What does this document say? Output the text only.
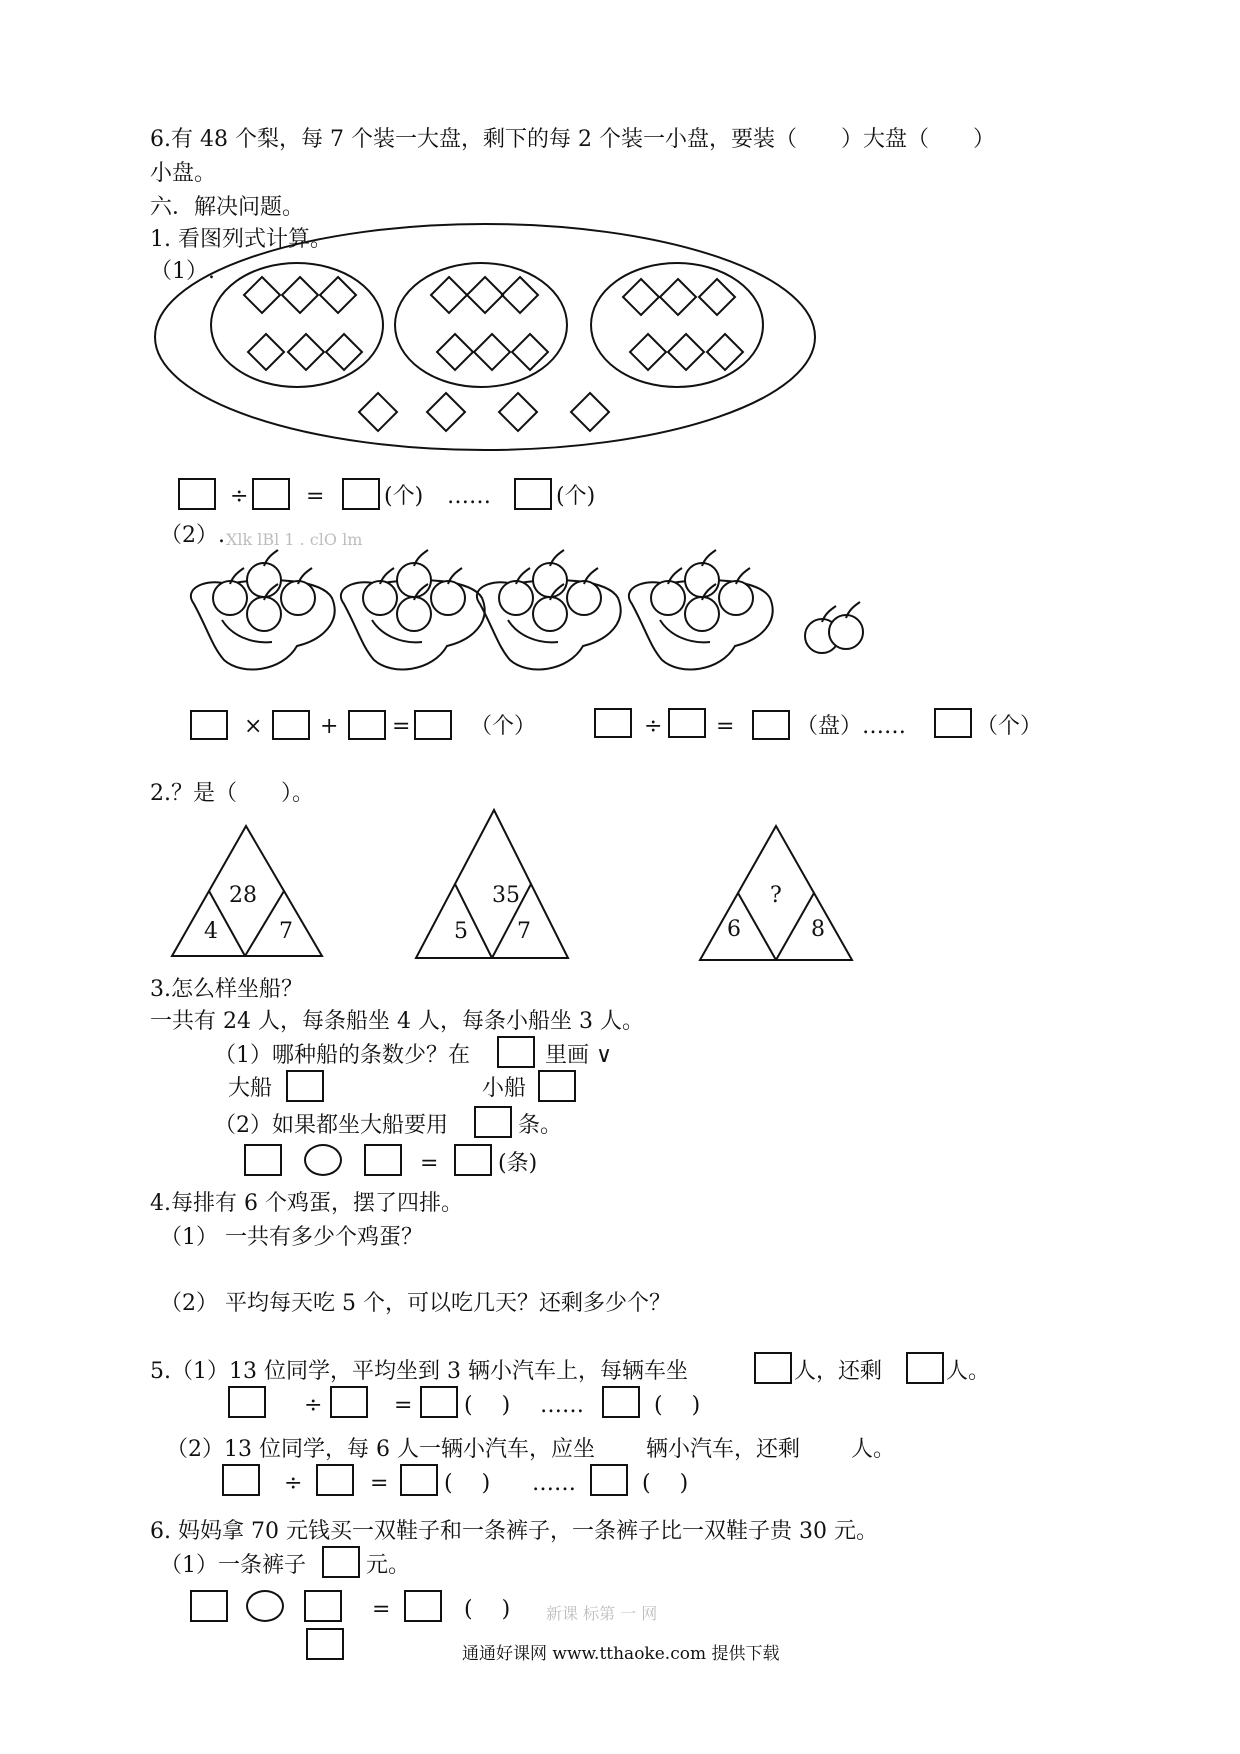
6.有 48 个梨，每 7 个装一大盘，剩下的每 2 个装一小盘，要装（　　）大盘（　　）
小盘。
六．解决问题。
1. 看图列式计算。
（1）.
÷	=	(个) ……	(个)
（2）. Xlk lBl 1 . clO lm
×	+ =	（个）	÷ =	（盘）……	（个）
2.？是（　　）。
28
4	7
35
5 7
?
6	8
3.怎么样坐船？
一共有 24 人，每条船坐 4 人，每条小船坐 3 人。
（1）哪种船的条数少？在	里画 ∨
大船	小船
（2）如果都坐大船要用	条。
=	(条)
4.每排有 6 个鸡蛋，摆了四排。
（1） 一共有多少个鸡蛋？
（2） 平均每天吃 5 个，可以吃几天？还剩多少个？
5.（1）13 位同学，平均坐到 3 辆小汽车上，每辆车坐	人，还剩	人。
÷	= (　 ) ……	(　 )
（2）13 位同学，每 6 人一辆小汽车，应坐　　 辆小汽车，还剩　　 人。
÷	=	(　 ) ……	(　 )
6. 妈妈拿 70 元钱买一双鞋子和一条裤子，一条裤子比一双鞋子贵 30 元。
（1）一条裤子	元。
=	(　 ) 新课 标第 一 网
通通好课网 www.tthaoke.com 提供下载
